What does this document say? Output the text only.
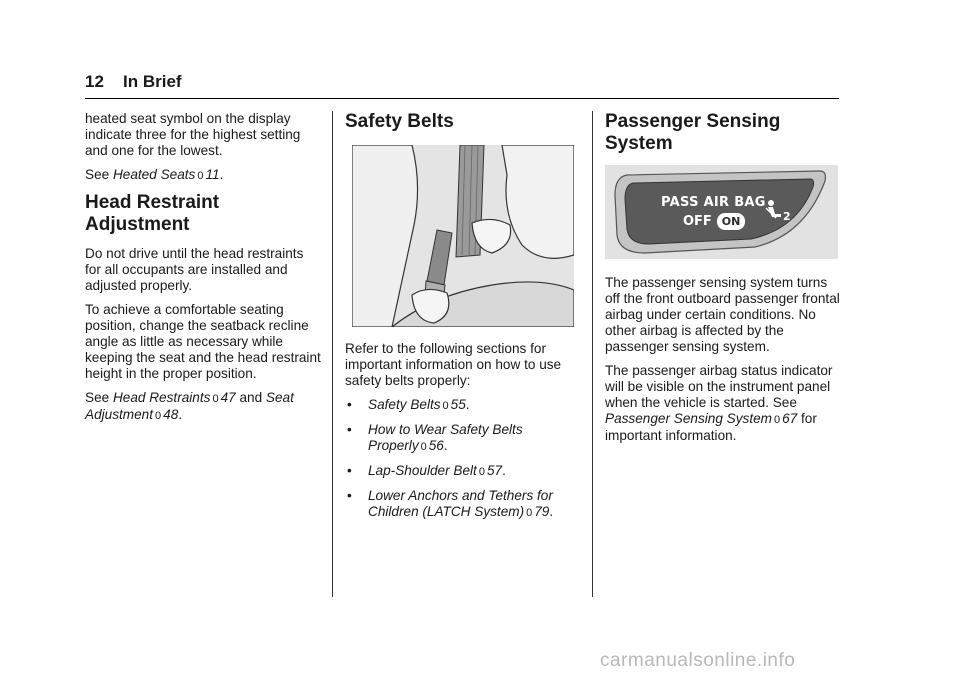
12 In Brief

heated seat symbol on the display indicate three for the highest setting and one for the lowest.

See Heated Seats 0 11.

Head Restraint Adjustment

Do not drive until the head restraints for all occupants are installed and adjusted properly.

To achieve a comfortable seating position, change the seatback recline angle as little as necessary while keeping the seat and the head restraint height in the proper position.

See Head Restraints 0 47 and Seat Adjustment 0 48.

Safety Belts

Refer to the following sections for important information on how to use safety belts properly:

• Safety Belts 0 55.
• How to Wear Safety Belts Properly 0 56.
• Lap-Shoulder Belt 0 57.
• Lower Anchors and Tethers for Children (LATCH System) 0 79.
Passenger Sensing System
PASS AIR BAG
OFF ON	2

The passenger sensing system turns off the front outboard passenger frontal airbag under certain conditions. No other airbag is affected by the passenger sensing system.

The passenger airbag status indicator will be visible on the instrument panel when the vehicle is started. See Passenger Sensing System 0 67 for important information.

carmanualsonline.info
